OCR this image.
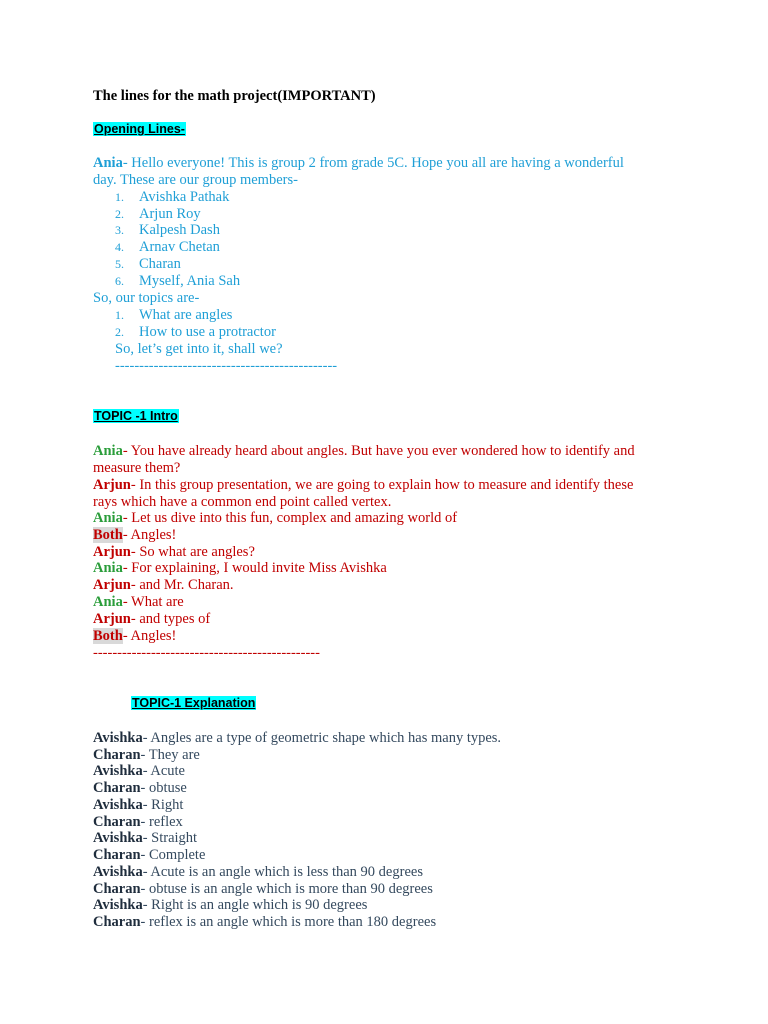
The lines for the math project(IMPORTANT)
Opening Lines-
Ania- Hello everyone! This is group 2 from grade 5C. Hope you all are having a wonderful
day. These are our group members-
1. Avishka Pathak
2. Arjun Roy
3. Kalpesh Dash
4. Arnav Chetan
5. Charan
6. Myself, Ania Sah
So, our topics are-
1. What are angles
2. How to use a protractor
So, let’s get into it, shall we?
----------------------------------------------
TOPIC -1 Intro
Ania- You have already heard about angles. But have you ever wondered how to identify and
measure them?
Arjun- In this group presentation, we are going to explain how to measure and identify these
rays which have a common end point called vertex.
Ania- Let us dive into this fun, complex and amazing world of
Both- Angles!
Arjun- So what are angles?
Ania- For explaining, I would invite Miss Avishka
Arjun- and Mr. Charan.
Ania- What are
Arjun- and types of
Both- Angles!
-----------------------------------------------
TOPIC-1 Explanation
Avishka- Angles are a type of geometric shape which has many types.
Charan- They are
Avishka- Acute
Charan- obtuse
Avishka- Right
Charan- reflex
Avishka- Straight
Charan- Complete
Avishka- Acute is an angle which is less than 90 degrees
Charan- obtuse is an angle which is more than 90 degrees
Avishka- Right is an angle which is 90 degrees
Charan- reflex is an angle which is more than 180 degrees
